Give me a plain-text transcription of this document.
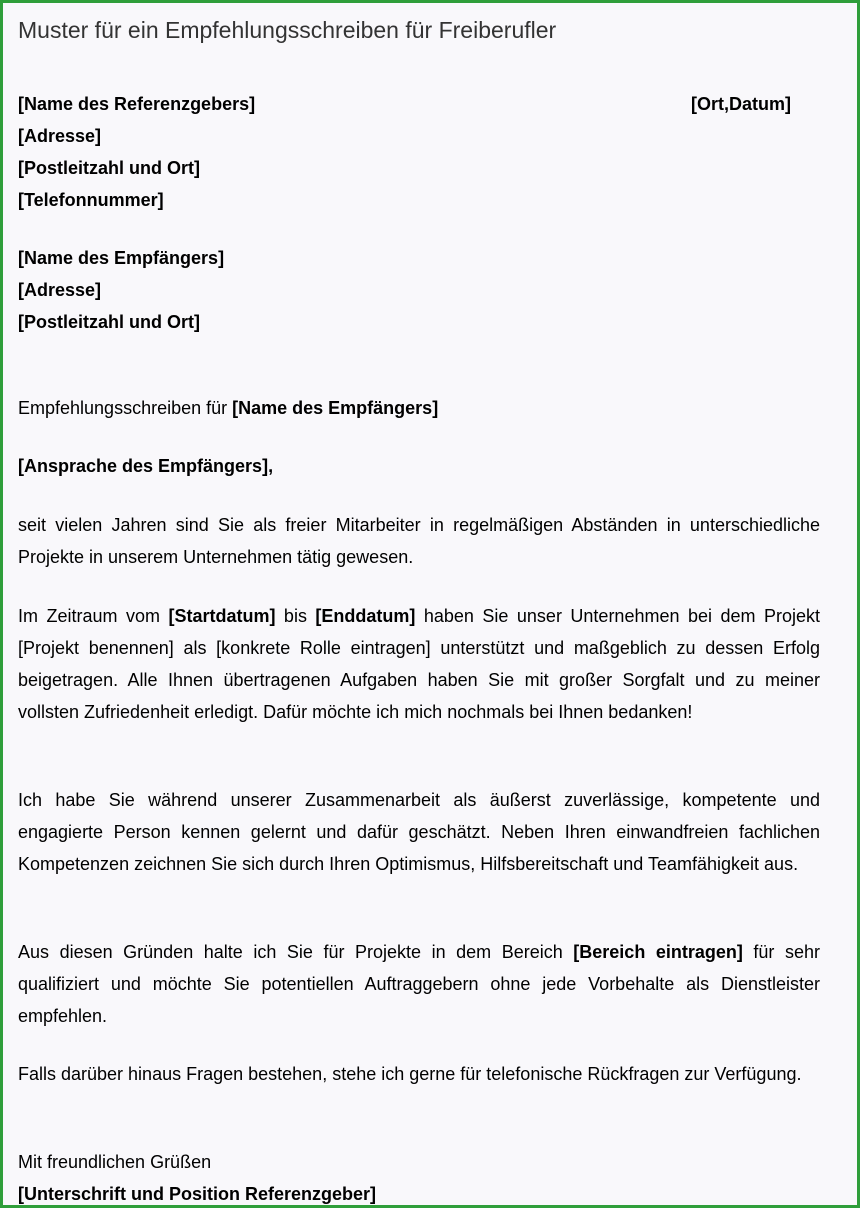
Muster für ein Empfehlungsschreiben für Freiberufler
[Name des Referenzgebers]	[Ort,Datum]
[Adresse]
[Postleitzahl und Ort]
[Telefonnummer]
[Name des Empfängers]
[Adresse]
[Postleitzahl und Ort]
Empfehlungsschreiben für [Name des Empfängers]
[Ansprache des Empfängers],

seit vielen Jahren sind Sie als freier Mitarbeiter in regelmäßigen Abständen in unterschiedliche Projekte in unserem Unternehmen tätig gewesen.

Im Zeitraum vom [Startdatum] bis [Enddatum] haben Sie unser Unternehmen bei dem Projekt [Projekt benennen] als [konkrete Rolle eintragen] unterstützt und maßgeblich zu dessen Erfolg beigetragen. Alle Ihnen übertragenen Aufgaben haben Sie mit großer Sorgfalt und zu meiner vollsten Zufriedenheit erledigt. Dafür möchte ich mich nochmals bei Ihnen bedanken!

Ich habe Sie während unserer Zusammenarbeit als äußerst zuverlässige, kompetente und engagierte Person kennen gelernt und dafür geschätzt. Neben Ihren einwandfreien fachlichen Kompetenzen zeichnen Sie sich durch Ihren Optimismus, Hilfsbereitschaft und Teamfähigkeit aus.

Aus diesen Gründen halte ich Sie für Projekte in dem Bereich [Bereich eintragen] für sehr qualifiziert und möchte Sie potentiellen Auftraggebern ohne jede Vorbehalte als Dienstleister empfehlen.

Falls darüber hinaus Fragen bestehen, stehe ich gerne für telefonische Rückfragen zur Verfügung.

Mit freundlichen Grüßen
[Unterschrift und Position Referenzgeber]
